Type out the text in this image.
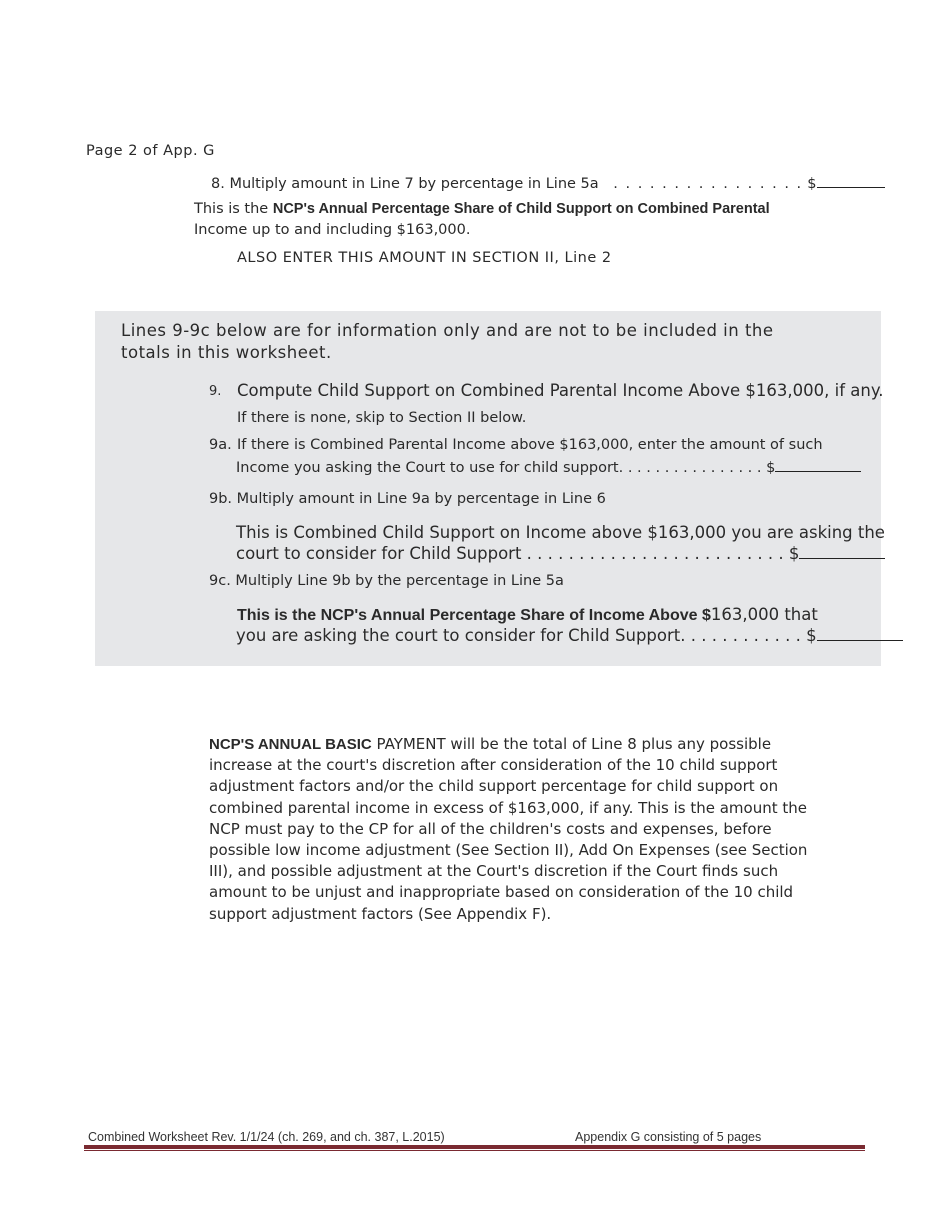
Page 2 of App. G
8. Multiply amount in Line 7 by percentage in Line 5a . . . . . . . . . . . . . . . . $
This is the NCP's Annual Percentage Share of Child Support on Combined Parental
Income up to and including $163,000.
ALSO ENTER THIS AMOUNT IN SECTION II, Line 2
Lines 9-9c below are for information only and are not to be included in the
totals in this worksheet.
9. Compute Child Support on Combined Parental Income Above $163,000, if any.
If there is none, skip to Section II below.
9a. If there is Combined Parental Income above $163,000, enter the amount of such
Income you asking the Court to use for child support. . . . . . . . . . . . . . . . $
9b. Multiply amount in Line 9a by percentage in Line 6
This is Combined Child Support on Income above $163,000 you are asking the
court to consider for Child Support . . . . . . . . . . . . . . . . . . . . . . . . . $
9c. Multiply Line 9b by the percentage in Line 5a
This is the NCP's Annual Percentage Share of Income Above $163,000 that
you are asking the court to consider for Child Support. . . . . . . . . . . . $
NCP'S ANNUAL BASIC PAYMENT will be the total of Line 8 plus any possible
increase at the court's discretion after consideration of the 10 child support
adjustment factors and/or the child support percentage for child support on
combined parental income in excess of $163,000, if any. This is the amount the
NCP must pay to the CP for all of the children's costs and expenses, before
possible low income adjustment (See Section II), Add On Expenses (see Section
III), and possible adjustment at the Court's discretion if the Court finds such
amount to be unjust and inappropriate based on consideration of the 10 child
support adjustment factors (See Appendix F).
Combined Worksheet Rev. 1/1/24 (ch. 269, and ch. 387, L.2015)	Appendix G consisting of 5 pages
